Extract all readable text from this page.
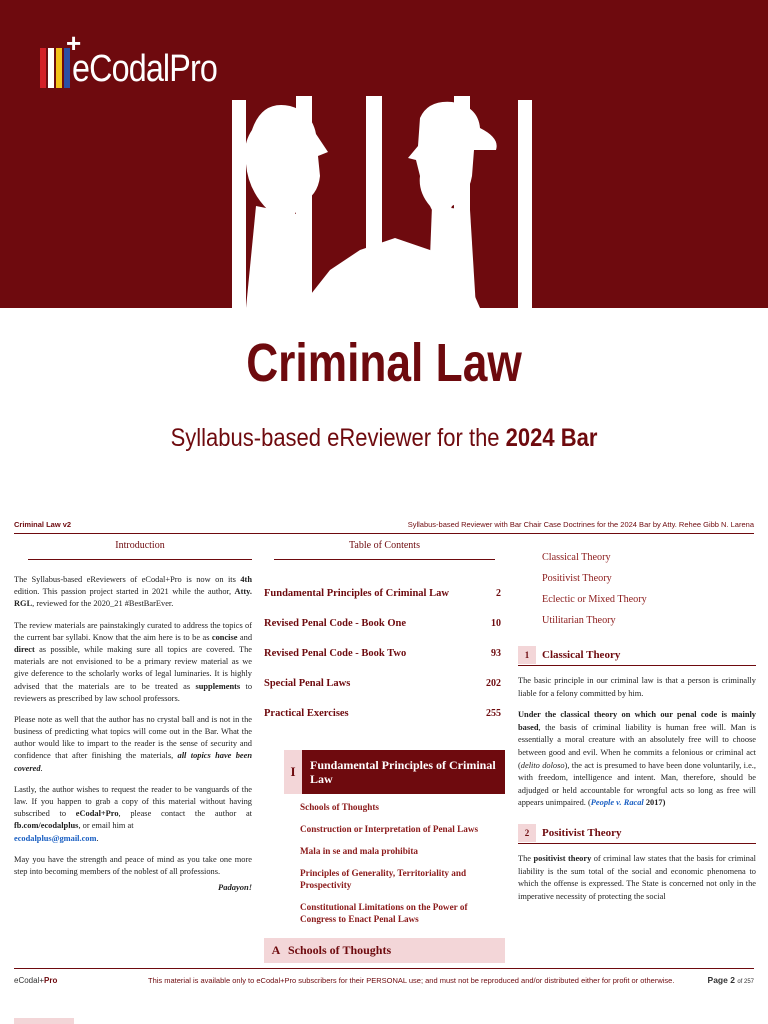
+
eCodalPro
Criminal Law
Syllabus-based eReviewer for the 2024 Bar
Criminal Law v2	Syllabus-based Reviewer with Bar Chair Case Doctrines for the 2024 Bar by Atty. Rehee Gibb N. Larena
Introduction

The Syllabus-based eReviewers of eCodal+Pro is now on its 4th edition. This passion project started in 2021 while the author, Atty. RGL, reviewed for the 2020_21 #BestBarEver.

The review materials are painstakingly curated to address the topics of the current bar syllabi. Know that the aim here is to be as concise and direct as possible, while making sure all topics are covered. The materials are not envisioned to be a primary review material as we give deference to the scholarly works of legal luminaries. It is highly advised that the materials are to be treated as supplements to reviewers as prescribed by law school professors.

Please note as well that the author has no crystal ball and is not in the business of predicting what topics will come out in the Bar. What the author would like to impart to the reader is the sense of security and confidence that after finishing the materials, all topics have been covered.

Lastly, the author wishes to request the reader to be vanguards of the law. If you happen to grab a copy of this material without having subscribed to eCodal+Pro, please contact the author at fb.com/ecodalplus, or email him at
ecodalplus@gmail.com.

May you have the strength and peace of mind as you take one more step into becoming members of the noblest of all professions.

Padayon!
Table of Contents
Fundamental Principles of Criminal Law	2
Revised Penal Code - Book One	10
Revised Penal Code - Book Two	93
Special Penal Laws	202
Practical Exercises	255
I	Fundamental Principles of Criminal Law
Schools of Thoughts
Construction or Interpretation of Penal Laws
Mala in se and mala prohibita
Principles of Generality, Territoriality and Prospectivity
Constitutional Limitations on the Power of Congress to Enact Penal Laws
A Schools of Thoughts
Classical Theory
Positivist Theory
Eclectic or Mixed Theory
Utilitarian Theory
1	Classical Theory

The basic principle in our criminal law is that a person is criminally liable for a felony committed by him.

Under the classical theory on which our penal code is mainly based, the basis of criminal liability is human free will. Man is essentially a moral creature with an absolutely free will to choose between good and evil. When he commits a felonious or criminal act (delito doloso), the act is presumed to have been done voluntarily, i.e., with freedom, intelligence and intent. Man, therefore, should be adjudged or held accountable for wrongful acts so long as free will appears unimpaired. (People v. Racal 2017)

2	Positivist Theory

The positivist theory of criminal law states that the basis for criminal liability is the sum total of the social and economic phenomena to which the offense is expressed. The State is concerned not only in the imperative necessity of protecting the social

eCodal+Pro	This material is available only to eCodal+Pro subscribers for their PERSONAL use; and must not be reproduced and/or distributed either for profit or otherwise.	Page 2 of 257
